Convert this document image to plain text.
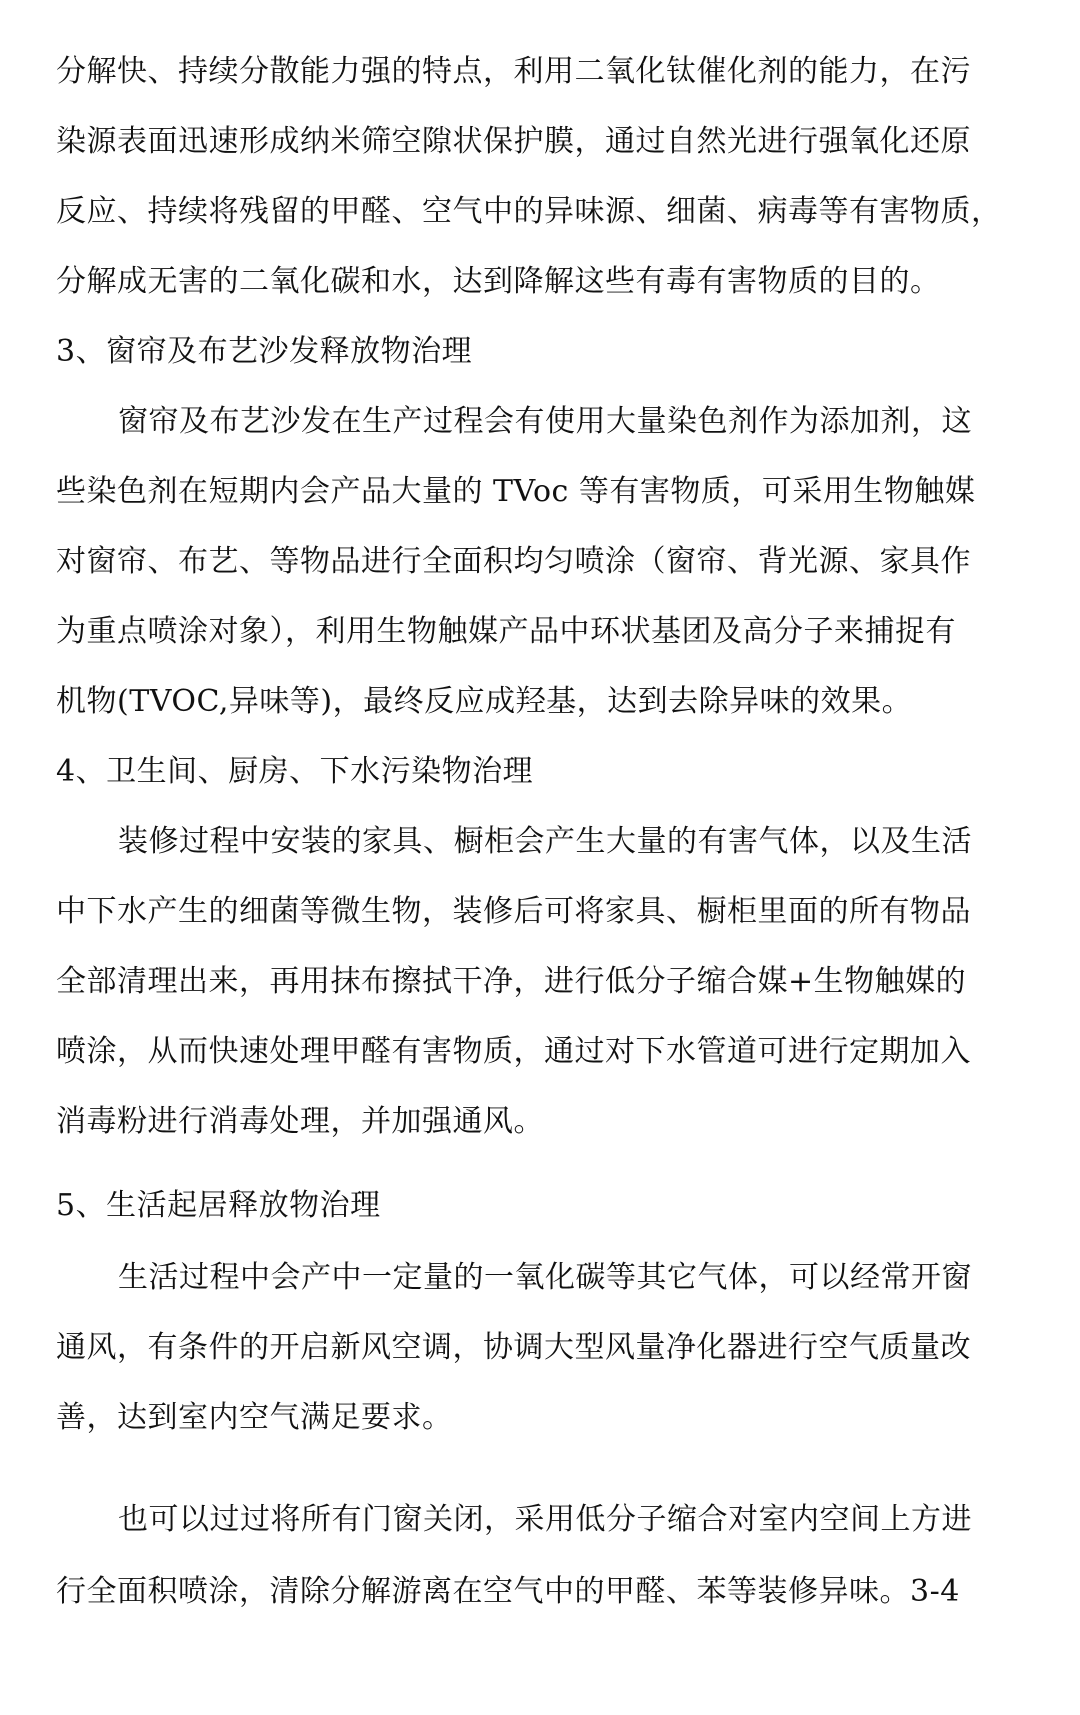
分解快、持续分散能力强的特点，利用二氧化钛催化剂的能力，在污
染源表面迅速形成纳米筛空隙状保护膜，通过自然光进行强氧化还原
反应、持续将残留的甲醛、空气中的异味源、细菌、病毒等有害物质，
分解成无害的二氧化碳和水，达到降解这些有毒有害物质的目的。
3、窗帘及布艺沙发释放物治理
窗帘及布艺沙发在生产过程会有使用大量染色剂作为添加剂，这
些染色剂在短期内会产品大量的 TVoc 等有害物质，可采用生物触媒
对窗帘、布艺、等物品进行全面积均匀喷涂（窗帘、背光源、家具作
为重点喷涂对象），利用生物触媒产品中环状基团及高分子来捕捉有
机物(TVOC,异味等)，最终反应成羟基，达到去除异味的效果。
4、卫生间、厨房、下水污染物治理
装修过程中安装的家具、橱柜会产生大量的有害气体，以及生活
中下水产生的细菌等微生物，装修后可将家具、橱柜里面的所有物品
全部清理出来，再用抹布擦拭干净，进行低分子缩合媒+生物触媒的
喷涂，从而快速处理甲醛有害物质，通过对下水管道可进行定期加入
消毒粉进行消毒处理，并加强通风。
5、生活起居释放物治理
生活过程中会产中一定量的一氧化碳等其它气体，可以经常开窗
通风，有条件的开启新风空调，协调大型风量净化器进行空气质量改
善，达到室内空气满足要求。
也可以过过将所有门窗关闭，采用低分子缩合对室内空间上方进
行全面积喷涂，清除分解游离在空气中的甲醛、苯等装修异味。3-4
